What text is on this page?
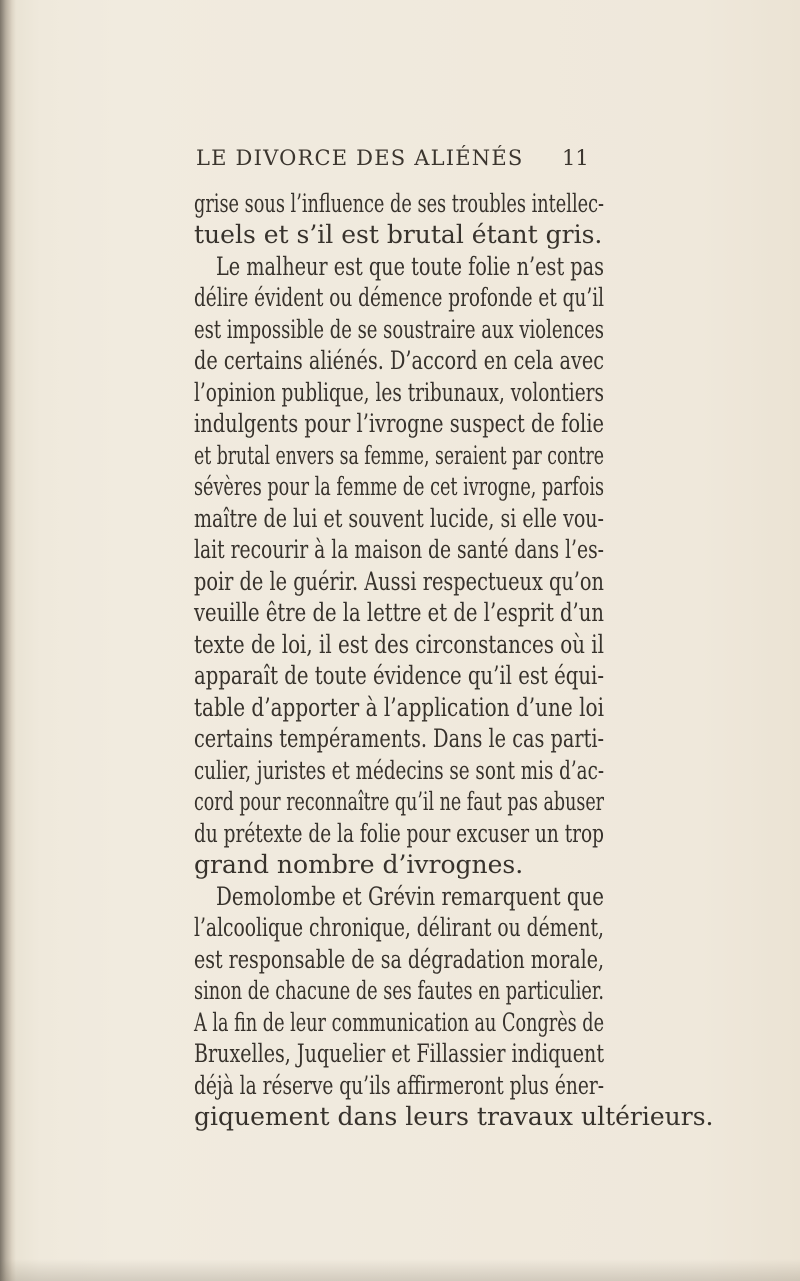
LE DIVORCE DES ALIÉNÉS 11
grise sous l’influence de ses troubles intellec-
tuels et s’il est brutal étant gris.
Le malheur est que toute folie n’est pas
délire évident ou démence profonde et qu’il
est impossible de se soustraire aux violences
de certains aliénés. D’accord en cela avec
l’opinion publique, les tribunaux, volontiers
indulgents pour l’ivrogne suspect de folie
et brutal envers sa femme, seraient par contre
sévères pour la femme de cet ivrogne, parfois
maître de lui et souvent lucide, si elle vou-
lait recourir à la maison de santé dans l’es-
poir de le guérir. Aussi respectueux qu’on
veuille être de la lettre et de l’esprit d’un
texte de loi, il est des circonstances où il
apparaît de toute évidence qu’il est équi-
table d’apporter à l’application d’une loi
certains tempéraments. Dans le cas parti-
culier, juristes et médecins se sont mis d’ac-
cord pour reconnaître qu’il ne faut pas abuser
du prétexte de la folie pour excuser un trop
grand nombre d’ivrognes.
Demolombe et Grévin remarquent que
l’alcoolique chronique, délirant ou dément,
est responsable de sa dégradation morale,
sinon de chacune de ses fautes en particulier.
A la fin de leur communication au Congrès de
Bruxelles, Juquelier et Fillassier indiquent
déjà la réserve qu’ils affirmeront plus éner-
giquement dans leurs travaux ultérieurs.
